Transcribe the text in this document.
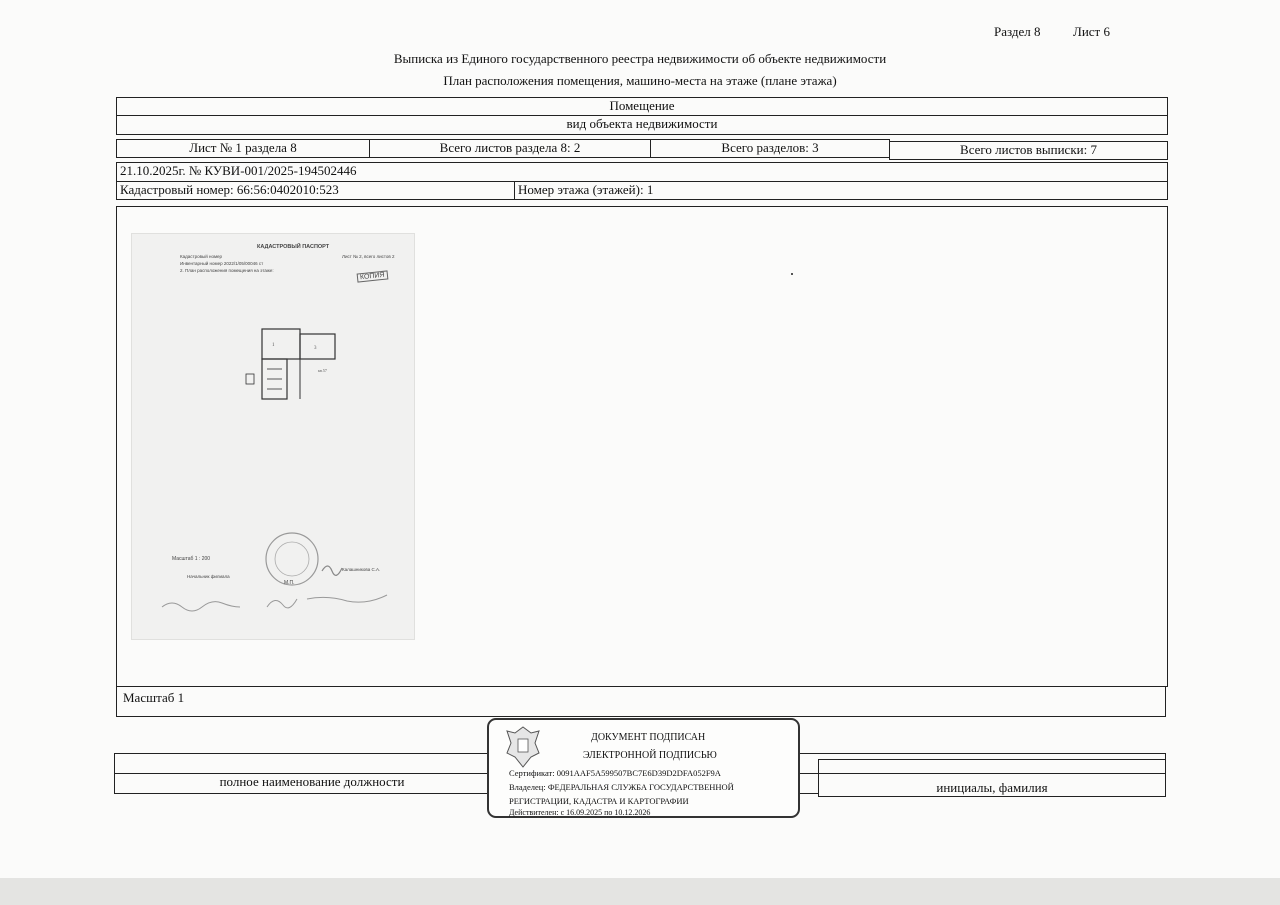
Раздел 8 Лист 6
Выписка из Единого государственного реестра недвижимости об объекте недвижимости
План расположения помещения, машино-места на этаже (плане этажа)
Помещение
вид объекта недвижимости
Лист № 1 раздела 8	Всего листов раздела 8: 2	Всего разделов: 3	Всего листов выписки: 7
21.10.2025г. № КУВИ-001/2025-194502446
Кадастровый номер: 66:56:0402010:523	Номер этажа (этажей): 1
КАДАСТРОВЫЙ ПАСПОРТ
Кадастровый номер	Лист № 2, всего листов 2
Инвентарный номер 2022/1/05/00046 ст
2. План расположения помещения на этаже:
КОПИЯ
1
3
кв.57
Масштаб 1 : 200
Калашникова С.А.
Начальник филиала
М.П.
Масштаб 1
полное наименование должности	инициалы, фамилия
ДОКУМЕНТ ПОДПИСАН
ЭЛЕКТРОННОЙ ПОДПИСЬЮ
Сертификат: 0091AAF5A599507BC7E6D39D2DFA052F9A
Владелец: ФЕДЕРАЛЬНАЯ СЛУЖБА ГОСУДАРСТВЕННОЙ
РЕГИСТРАЦИИ, КАДАСТРА И КАРТОГРАФИИ
Действителен: с 16.09.2025 по 10.12.2026
